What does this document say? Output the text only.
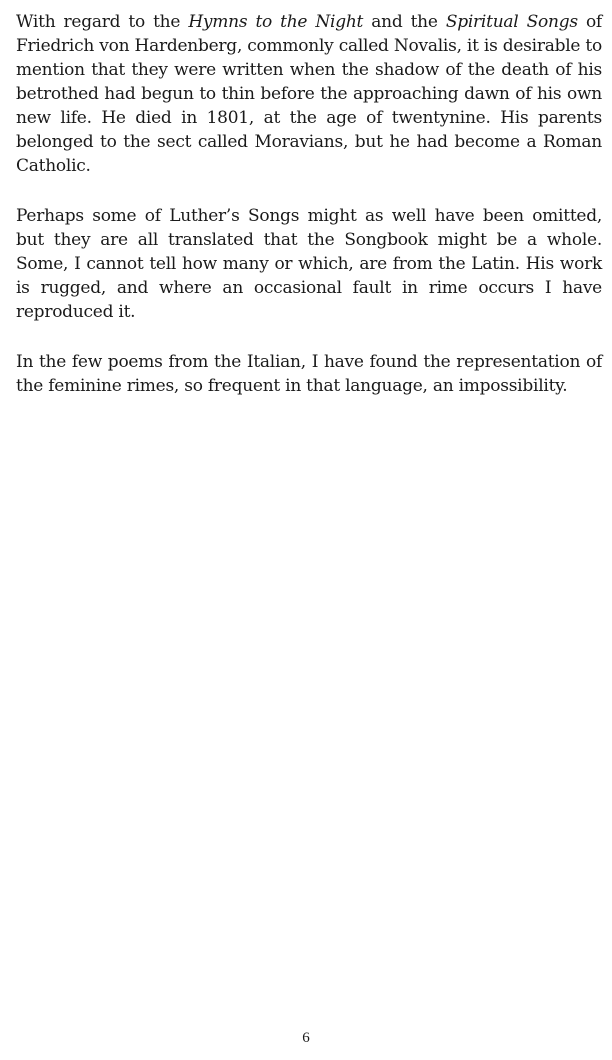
With regard to the Hymns to the Night and the Spiritual Songs of Friedrich von Hardenberg, commonly called Novalis, it is desirable to mention that they were written when the shadow of the death of his betrothed had begun to thin before the approaching dawn of his own new life. He died in 1801, at the age of twentynine. His parents belonged to the sect called Moravians, but he had become a Roman Catholic.

Perhaps some of Luther’s Songs might as well have been omitted, but they are all translated that the Songbook might be a whole. Some, I cannot tell how many or which, are from the Latin. His work is rugged, and where an occasional fault in rime occurs I have reproduced it.

In the few poems from the Italian, I have found the representation of the feminine rimes, so frequent in that language, an impossibility.

6
